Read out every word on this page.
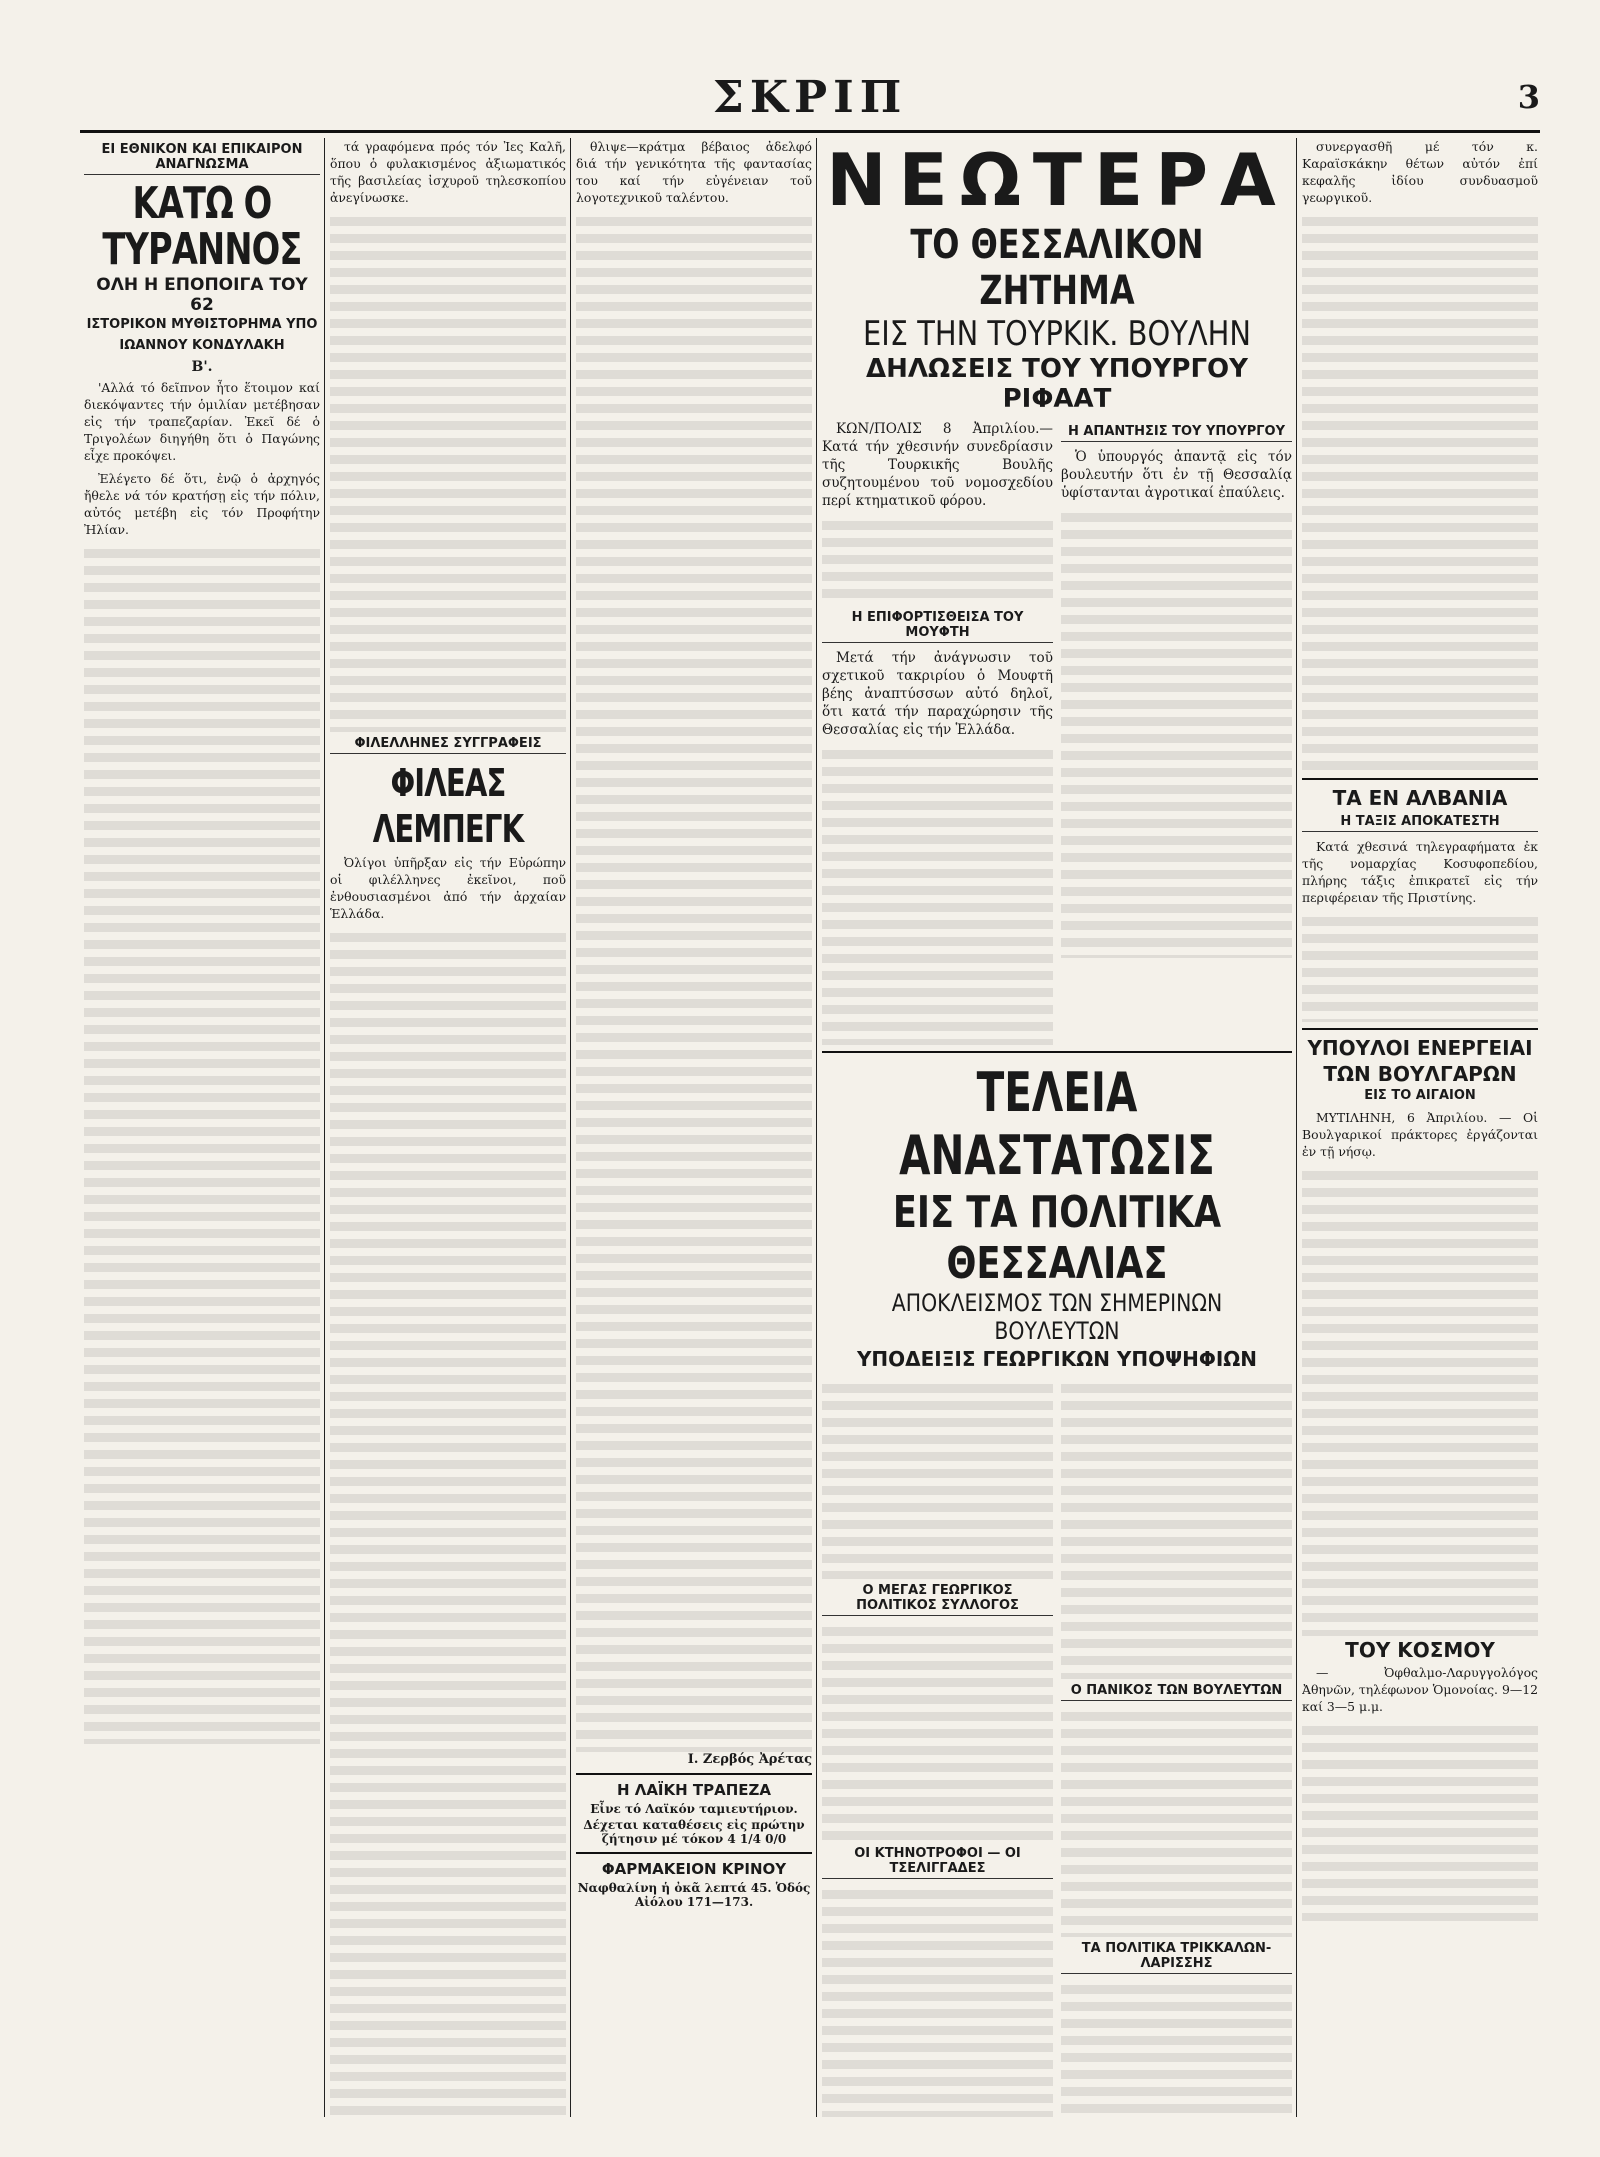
ΣΚΡΙΠ	3
ΕΙ ΕΘΝΙΚΟΝ ΚΑΙ ΕΠΙΚΑΙΡΟΝ ΑΝΑΓΝΩΣΜΑ
ΚΑΤΩ Ο ΤΥΡΑΝΝΟΣ
ΟΛΗ Η ΕΠΟΠΟΙΓΑ ΤΟΥ 62
ΙΣΤΟΡΙΚΟΝ ΜΥΘΙΣΤΟΡΗΜΑ ΥΠΟ
ΙΩΑΝΝΟΥ ΚΟΝΔΥΛΑΚΗ
Β'.

'Αλλά τό δεῖπνον ἦτο ἕτοιμον καί διεκόψαντες τήν ὁμιλίαν μετέβησαν εἰς τήν τραπεζαρίαν. Ἐκεῖ δέ ὁ Τριγολέων διηγήθη ὅτι ὁ Παγώνης εἶχε προκόψει.

Ἐλέγετο δέ ὅτι, ἐνῷ ὁ ἀρχηγός ἤθελε νά τόν κρατήσῃ εἰς τήν πόλιν, αὐτός μετέβη εἰς τόν Προφήτην Ἠλίαν.

τά γραφόμενα πρός τόν Ἰες Καλῆ, ὅπου ὁ φυλακισμένος ἀξιωματικός τῆς βασιλείας ἰσχυροῦ τηλεσκοπίου ἀνεγίνωσκε.

ΦΙΛΕΛΛΗΝΕΣ ΣΥΓΓΡΑΦΕΙΣ
ΦΙΛΕΑΣ ΛΕΜΠΕΓΚ

Ὀλίγοι ὑπῆρξαν εἰς τήν Εὐρώπην οἱ φιλέλληνες ἐκεῖνοι, ποῦ ἐνθουσιασμένοι ἀπό τήν ἀρχαίαν Ἑλλάδα.

θλιψε—κράτμα βέβαιος ἀδελφό διά τήν γενικότητα τῆς φαντασίας του καί τήν εὐγένειαν τοῦ λογοτεχνικοῦ ταλέντου.

Ι. Ζερβός Ἀρέτας
Η ΛΑΪΚΗ ΤΡΑΠΕΖΑ
Εἶνε τό Λαϊκόν ταμιευτήριον.
Δέχεται καταθέσεις εἰς πρώτην ζήτησιν μέ τόκον 4 1/4 0/0
ΦΑΡΜΑΚΕΙΟΝ ΚΡΙΝΟΥ
Ναφθαλίνη ἡ ὀκᾶ λεπτά 45. Ὁδός Αἰόλου 171—173.
ΝΕΩΤΕΡΑ
ΤΟ ΘΕΣΣΑΛΙΚΟΝ ΖΗΤΗΜΑ
ΕΙΣ ΤΗΝ ΤΟΥΡΚΙΚ. ΒΟΥΛΗΝ
ΔΗΛΩΣΕΙΣ ΤΟΥ ΥΠΟΥΡΓΟΥ ΡΙΦΑΑΤ

ΚΩΝ/ΠΟΛΙΣ 8 Ἀπριλίου.— Κατά τήν χθεσινήν συνεδρίασιν τῆς Τουρκικῆς Βουλῆς συζητουμένου τοῦ νομοσχεδίου περί κτηματικοῦ φόρου.

Η ΕΠΙΦΟΡΤΙΣΘΕΙΣΑ ΤΟΥ ΜΟΥΦΤΗ

Μετά τήν ἀνάγνωσιν τοῦ σχετικοῦ τακριρίου ὁ Μουφτῆ βέης ἀναπτύσσων αὐτό δηλοῖ, ὅτι κατά τήν παραχώρησιν τῆς Θεσσαλίας εἰς τήν Ἑλλάδα.

Η ΑΠΑΝΤΗΣΙΣ ΤΟΥ ΥΠΟΥΡΓΟΥ

Ὁ ὑπουργός ἀπαντᾷ εἰς τόν βουλευτήν ὅτι ἐν τῇ Θεσσαλίᾳ ὑφίστανται ἀγροτικαί ἐπαύλεις.

ΤΕΛΕΙΑ ΑΝΑΣΤΑΤΩΣΙΣ
ΕΙΣ ΤΑ ΠΟΛΙΤΙΚΑ ΘΕΣΣΑΛΙΑΣ
ΑΠΟΚΛΕΙΣΜΟΣ ΤΩΝ ΣΗΜΕΡΙΝΩΝ ΒΟΥΛΕΥΤΩΝ
ΥΠΟΔΕΙΞΙΣ ΓΕΩΡΓΙΚΩΝ ΥΠΟΨΗΦΙΩΝ
Ο ΜΕΓΑΣ ΓΕΩΡΓΙΚΟΣ ΠΟΛΙΤΙΚΟΣ ΣΥΛΛΟΓΟΣ
ΟΙ ΚΤΗΝΟΤΡΟΦΟΙ — ΟΙ ΤΣΕΛΙΓΓΑΔΕΣ
Ο ΠΑΝΙΚΟΣ ΤΩΝ ΒΟΥΛΕΥΤΩΝ
ΤΑ ΠΟΛΙΤΙΚΑ ΤΡΙΚΚΑΛΩΝ-ΛΑΡΙΣΣΗΣ

συνεργασθῆ μέ τόν κ. Καραϊσκάκην θέτων αὐτόν ἐπί κεφαλῆς ἰδίου συνδυασμοῦ γεωργικοῦ.

ΤΑ ΕΝ ΑΛΒΑΝΙΑ
Η ΤΑΞΙΣ ΑΠΟΚΑΤΕΣΤΗ

Κατά χθεσινά τηλεγραφήματα ἐκ τῆς νομαρχίας Κοσυφοπεδίου, πλήρης τάξις ἐπικρατεῖ εἰς τήν περιφέρειαν τῆς Πριστίνης.

ΥΠΟΥΛΟΙ ΕΝΕΡΓΕΙΑΙ
ΤΩΝ ΒΟΥΛΓΑΡΩΝ
ΕΙΣ ΤΟ ΑΙΓΑΙΟΝ

ΜΥΤΙΛΗΝΗ, 6 Ἀπριλίου. — Οἱ Βουλγαρικοί πράκτορες ἐργάζονται ἐν τῇ νήσῳ.

ΤΟΥ ΚΟΣΜΟΥ

— Ὀφθαλμο-Λαρυγγολόγος Ἀθηνῶν, τηλέφωνον Ὁμονοίας. 9—12 καί 3—5 μ.μ.
